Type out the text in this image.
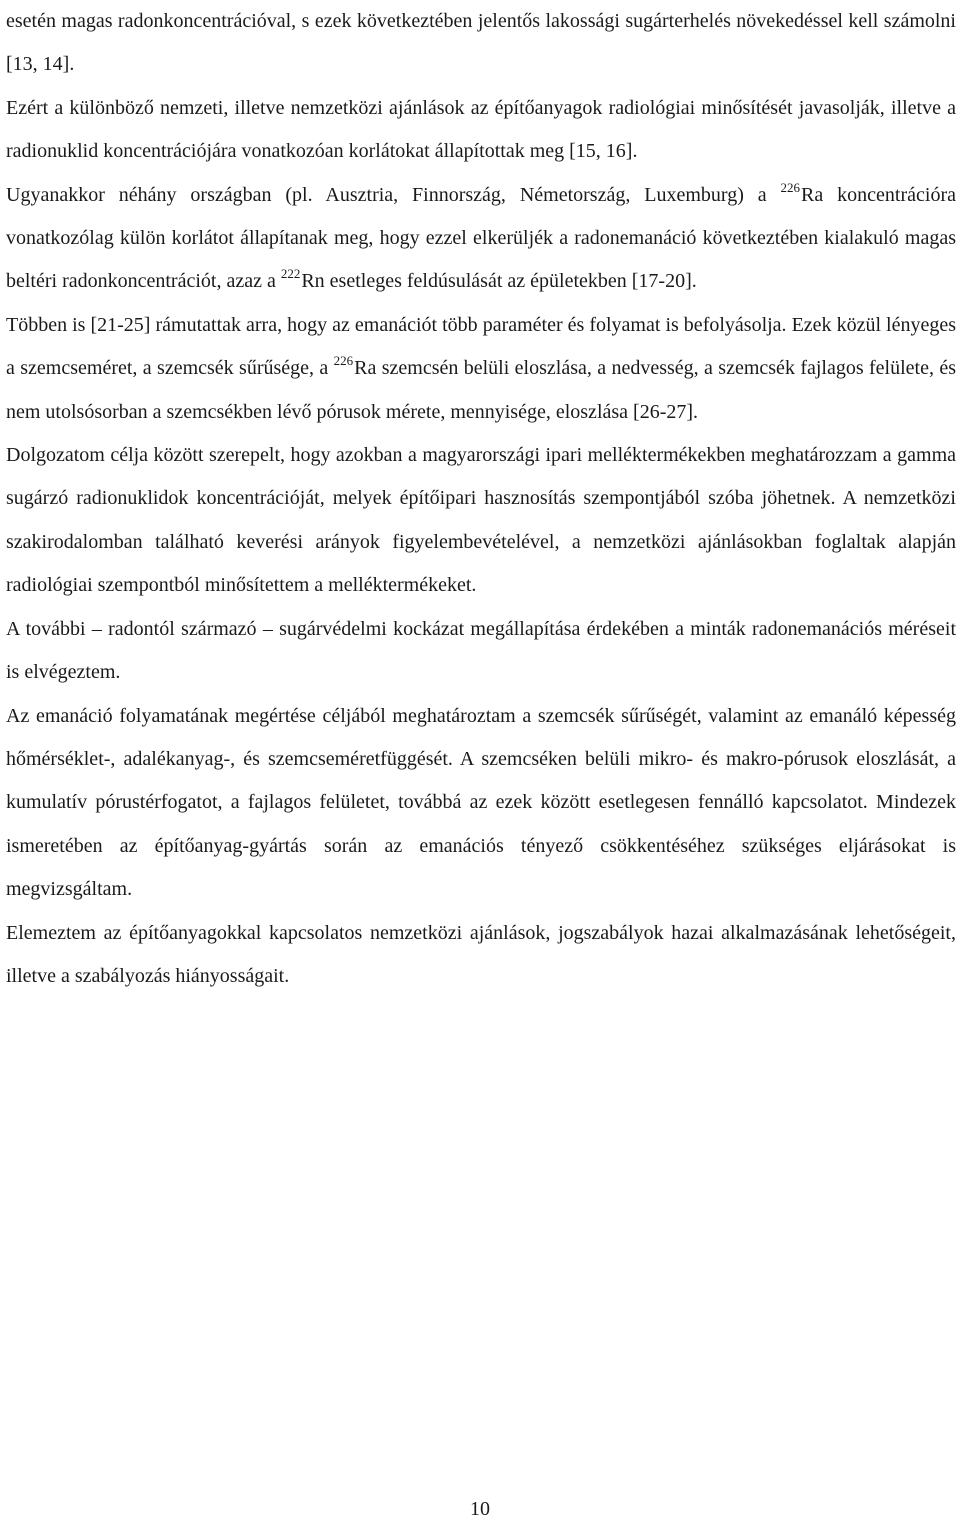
esetén magas radonkoncentrációval, s ezek következtében jelentős lakossági sugárterhelés növekedéssel kell számolni [13, 14].

Ezért a különböző nemzeti, illetve nemzetközi ajánlások az építőanyagok radiológiai minősítését javasolják, illetve a radionuklid koncentrációjára vonatkozóan korlátokat állapítottak meg [15, 16].

Ugyanakkor néhány országban (pl. Ausztria, Finnország, Németország, Luxemburg) a $^{226}$Ra koncentrációra vonatkozólag külön korlátot állapítanak meg, hogy ezzel elkerüljék a radonemanáció következtében kialakuló magas beltéri radonkoncentrációt, azaz a $^{222}$Rn esetleges feldúsulását az épületekben [17-20].

Többen is [21-25] rámutattak arra, hogy az emanációt több paraméter és folyamat is befolyásolja. Ezek közül lényeges a szemcseméret, a szemcsék sűrűsége, a $^{226}$Ra szemcsén belüli eloszlása, a nedvesség, a szemcsék fajlagos felülete, és nem utolsósorban a szemcsékben lévő pórusok mérete, mennyisége, eloszlása [26-27].

Dolgozatom célja között szerepelt, hogy azokban a magyarországi ipari melléktermékekben meghatározzam a gamma sugárzó radionuklidok koncentrációját, melyek építőipari hasznosítás szempontjából szóba jöhetnek. A nemzetközi szakirodalomban található keverési arányok figyelembevételével, a nemzetközi ajánlásokban foglaltak alapján radiológiai szempontból minősítettem a melléktermékeket.

A további – radontól származó – sugárvédelmi kockázat megállapítása érdekében a minták radonemanációs méréseit is elvégeztem.

Az emanáció folyamatának megértése céljából meghatároztam a szemcsék sűrűségét, valamint az emanáló képesség hőmérséklet-, adalékanyag-, és szemcseméretfüggését. A szemcséken belüli mikro- és makro-pórusok eloszlását, a kumulatív pórustérfogatot, a fajlagos felületet, továbbá az ezek között esetlegesen fennálló kapcsolatot. Mindezek ismeretében az építőanyag-gyártás során az emanációs tényező csökkentéséhez szükséges eljárásokat is megvizsgáltam.

Elemeztem az építőanyagokkal kapcsolatos nemzetközi ajánlások, jogszabályok hazai alkalmazásának lehetőségeit, illetve a szabályozás hiányosságait.

10
